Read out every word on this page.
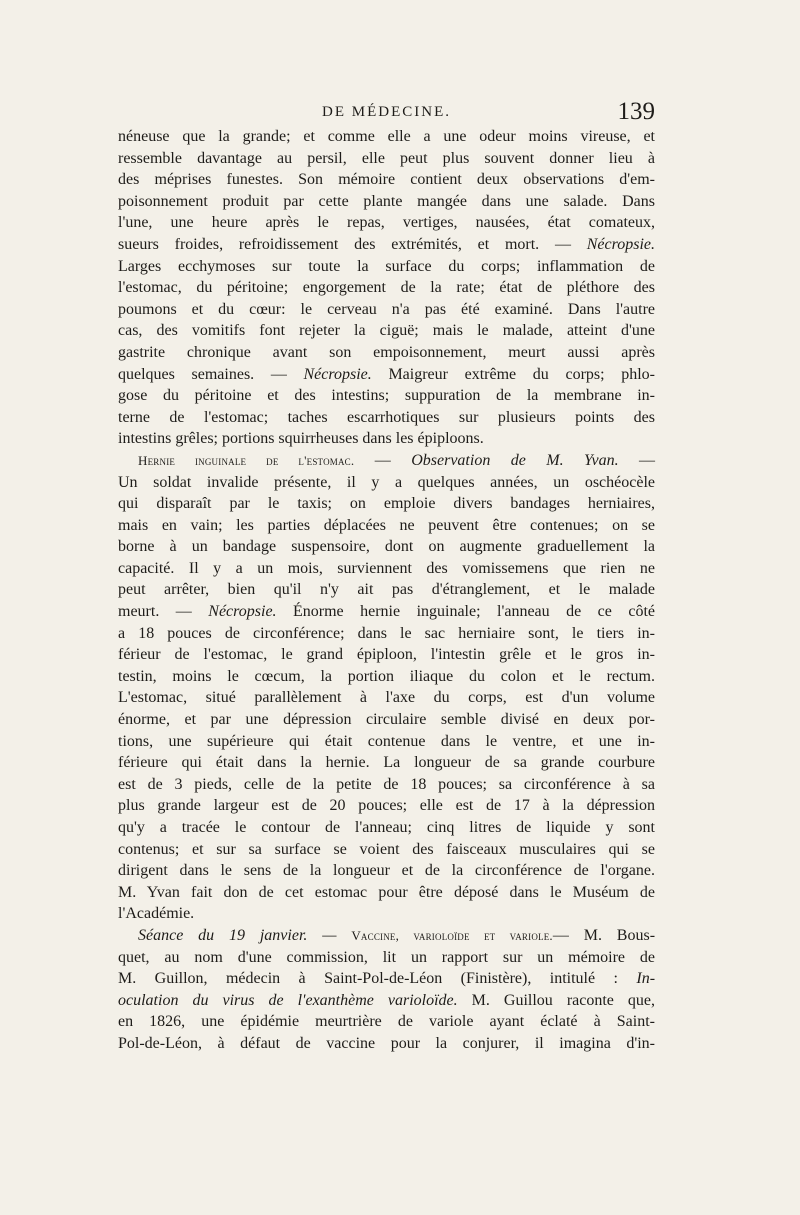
DE MÉDECINE.	139
néneuse que la grande; et comme elle a une odeur moins vireuse, et
ressemble davantage au persil, elle peut plus souvent donner lieu à
des méprises funestes. Son mémoire contient deux observations d'em-
poisonnement produit par cette plante mangée dans une salade. Dans
l'une, une heure après le repas, vertiges, nausées, état comateux,
sueurs froides, refroidissement des extrémités, et mort. — Nécropsie.
Larges ecchymoses sur toute la surface du corps; inflammation de
l'estomac, du péritoine; engorgement de la rate; état de pléthore des
poumons et du cœur: le cerveau n'a pas été examiné. Dans l'autre
cas, des vomitifs font rejeter la ciguë; mais le malade, atteint d'une
gastrite chronique avant son empoisonnement, meurt aussi après
quelques semaines. — Nécropsie. Maigreur extrême du corps; phlo-
gose du péritoine et des intestins; suppuration de la membrane in-
terne de l'estomac; taches escarrhotiques sur plusieurs points des
intestins grêles; portions squirrheuses dans les épiploons.
Hernie inguinale de l'estomac. — Observation de M. Yvan. —
Un soldat invalide présente, il y a quelques années, un oschéocèle
qui disparaît par le taxis; on emploie divers bandages herniaires,
mais en vain; les parties déplacées ne peuvent être contenues; on se
borne à un bandage suspensoire, dont on augmente graduellement la
capacité. Il y a un mois, surviennent des vomissemens que rien ne
peut arrêter, bien qu'il n'y ait pas d'étranglement, et le malade
meurt. — Nécropsie. Énorme hernie inguinale; l'anneau de ce côté
a 18 pouces de circonférence; dans le sac herniaire sont, le tiers in-
férieur de l'estomac, le grand épiploon, l'intestin grêle et le gros in-
testin, moins le cœcum, la portion iliaque du colon et le rectum.
L'estomac, situé parallèlement à l'axe du corps, est d'un volume
énorme, et par une dépression circulaire semble divisé en deux por-
tions, une supérieure qui était contenue dans le ventre, et une in-
férieure qui était dans la hernie. La longueur de sa grande courbure
est de 3 pieds, celle de la petite de 18 pouces; sa circonférence à sa
plus grande largeur est de 20 pouces; elle est de 17 à la dépression
qu'y a tracée le contour de l'anneau; cinq litres de liquide y sont
contenus; et sur sa surface se voient des faisceaux musculaires qui se
dirigent dans le sens de la longueur et de la circonférence de l'organe.
M. Yvan fait don de cet estomac pour être déposé dans le Muséum de
l'Académie.
Séance du 19 janvier. — Vaccine, varioloïde et variole.— M. Bous-
quet, au nom d'une commission, lit un rapport sur un mémoire de
M. Guillon, médecin à Saint-Pol-de-Léon (Finistère), intitulé : In-
oculation du virus de l'exanthème varioloïde. M. Guillou raconte que,
en 1826, une épidémie meurtrière de variole ayant éclaté à Saint-
Pol-de-Léon, à défaut de vaccine pour la conjurer, il imagina d'in-
